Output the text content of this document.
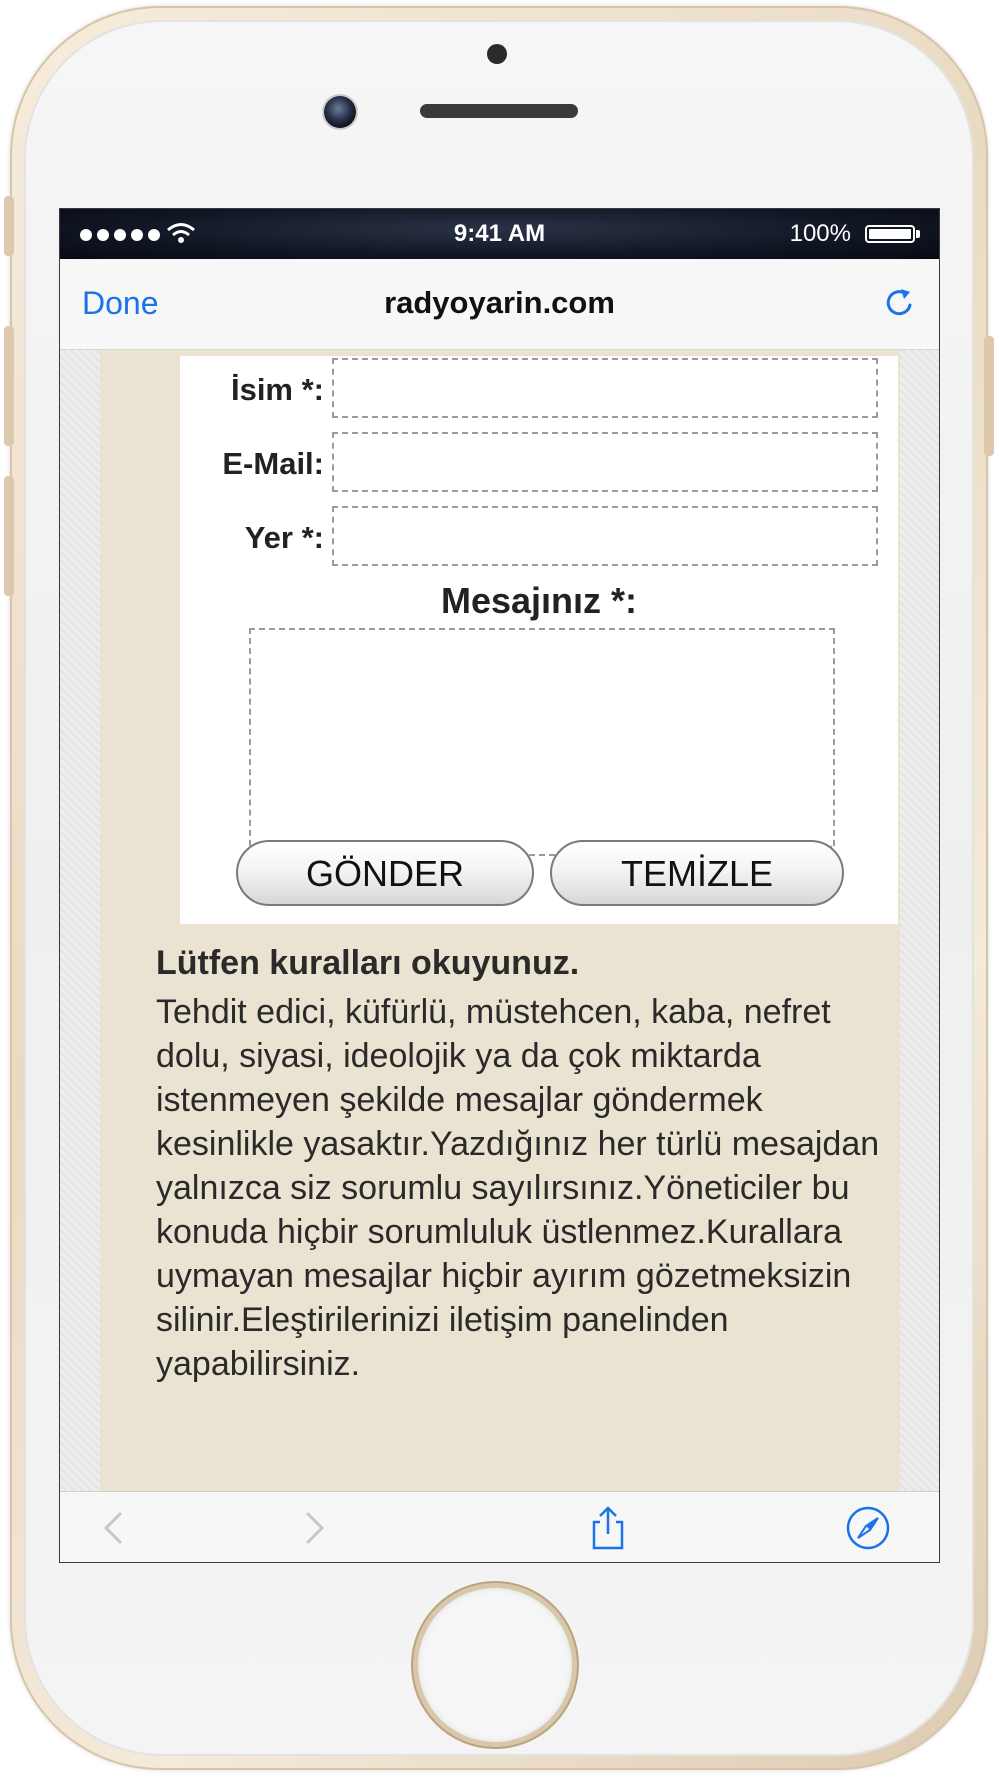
9:41 AM	100%
Done	radyoyarin.com
İsim *:
E-Mail:
Yer *:
Mesajınız *:
GÖNDER	TEMİZLE
Lütfen kuralları okuyunuz.
Tehdit edici, küfürlü, müstehcen, kaba, nefret dolu, siyasi, ideolojik ya da çok miktarda istenmeyen şekilde mesajlar göndermek kesinlikle yasaktır.Yazdığınız her türlü mesajdan yalnızca siz sorumlu sayılırsınız.Yöneticiler bu konuda hiçbir sorumluluk üstlenmez.Kurallara uymayan mesajlar hiçbir ayırım gözetmeksizin silinir.Eleştirilerinizi iletişim panelinden yapabilirsiniz.
